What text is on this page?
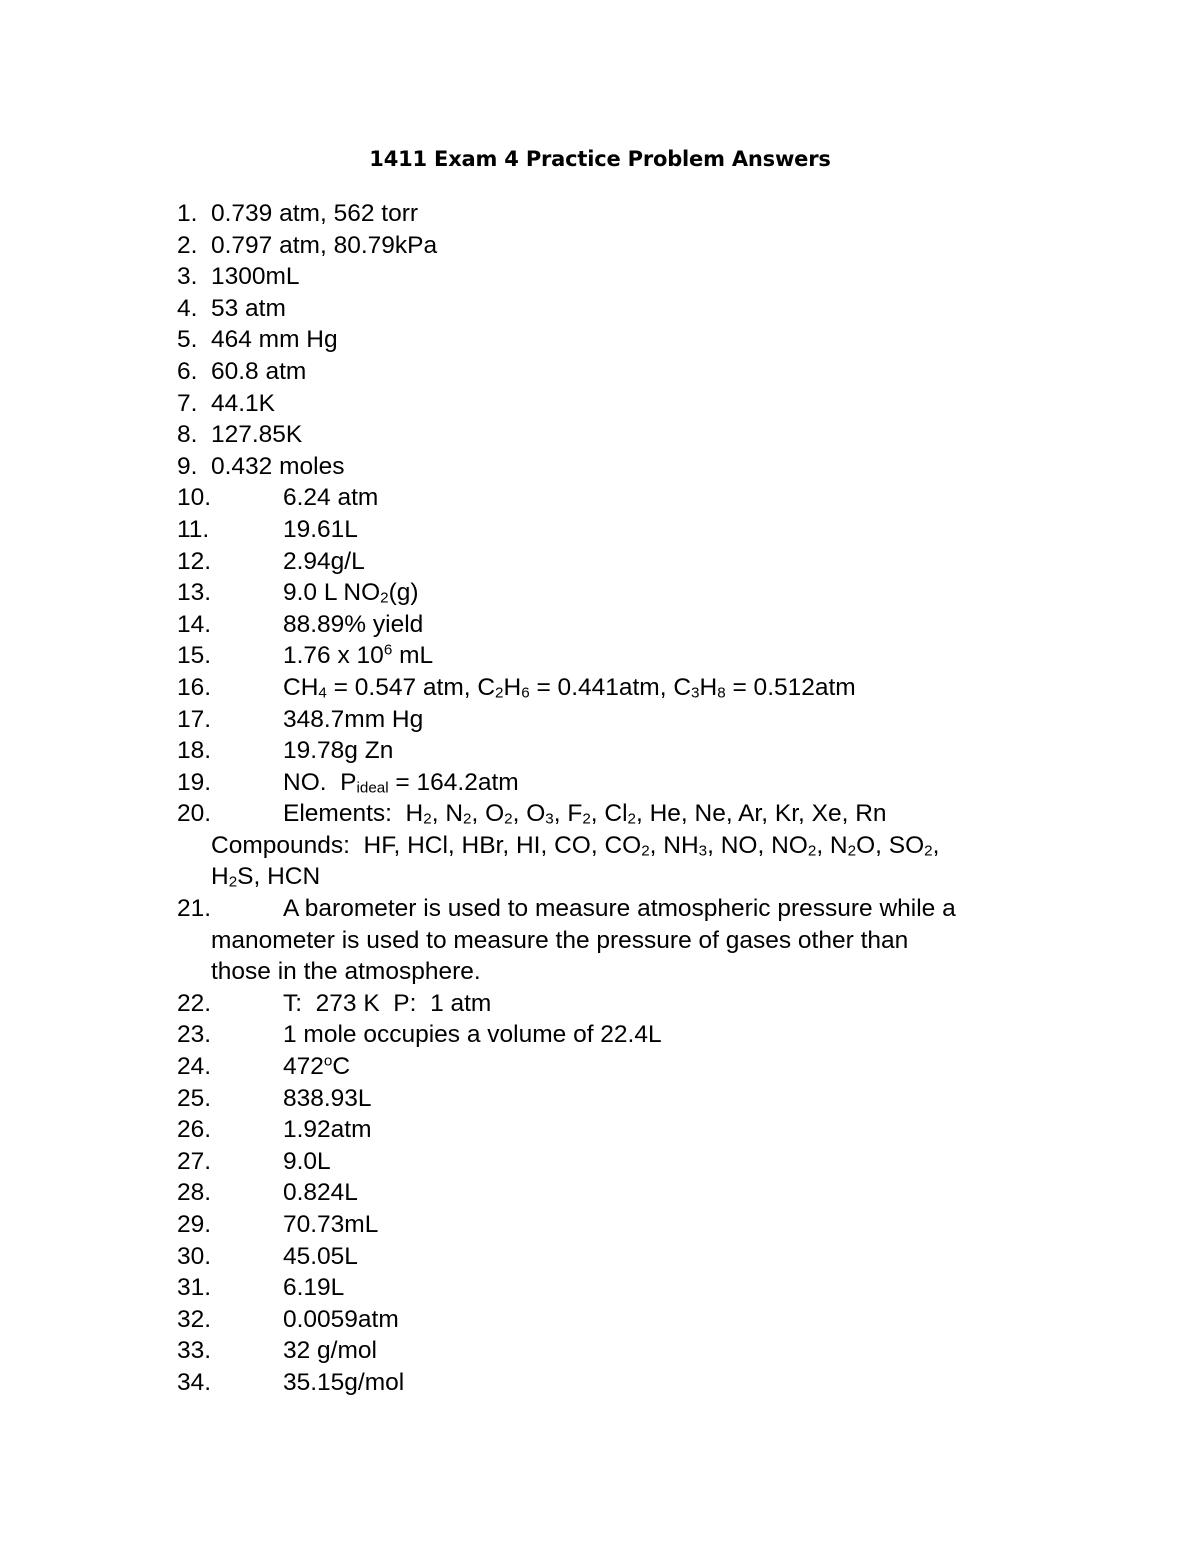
1411 Exam 4 Practice Problem Answers
1. 0.739 atm, 562 torr
2. 0.797 atm, 80.79kPa
3. 1300mL
4. 53 atm
5. 464 mm Hg
6. 60.8 atm
7. 44.1K
8. 127.85K
9. 0.432 moles
10.	6.24 atm
11.	19.61L
12.	2.94g/L
13.	9.0 L $NO_2(g)$
14.	88.89% yield
15.	1.76 x $10^6$ mL
16.	$CH_4 = 0.547$ atm, $C_2H_6 = 0.441atm$, $C_3H_8 = 0.512atm$
17.	348.7mm Hg
18.	19.78g Zn
19.	NO.  $P_{ideal} = 164.2atm$
20.	Elements:  $H_2$, $N_2$, $O_2$, $O_3$, $F_2$, $Cl_2$, He, Ne, Ar, Kr, Xe, Rn
Compounds:  HF, HCl, HBr, HI, CO, $CO_2$, $NH_3$, NO, $NO_2$, $N_2O$, $SO_2$,
$H_2S$, HCN
21.	A barometer is used to measure atmospheric pressure while a
manometer is used to measure the pressure of gases other than
those in the atmosphere.
22.	T:  273 K  P:  1 atm
23.	1 mole occupies a volume of 22.4L
24.	472$^o$C
25.	838.93L
26.	1.92atm
27.	9.0L
28.	0.824L
29.	70.73mL
30.	45.05L
31.	6.19L
32.	0.0059atm
33.	32 g/mol
34.	35.15g/mol
